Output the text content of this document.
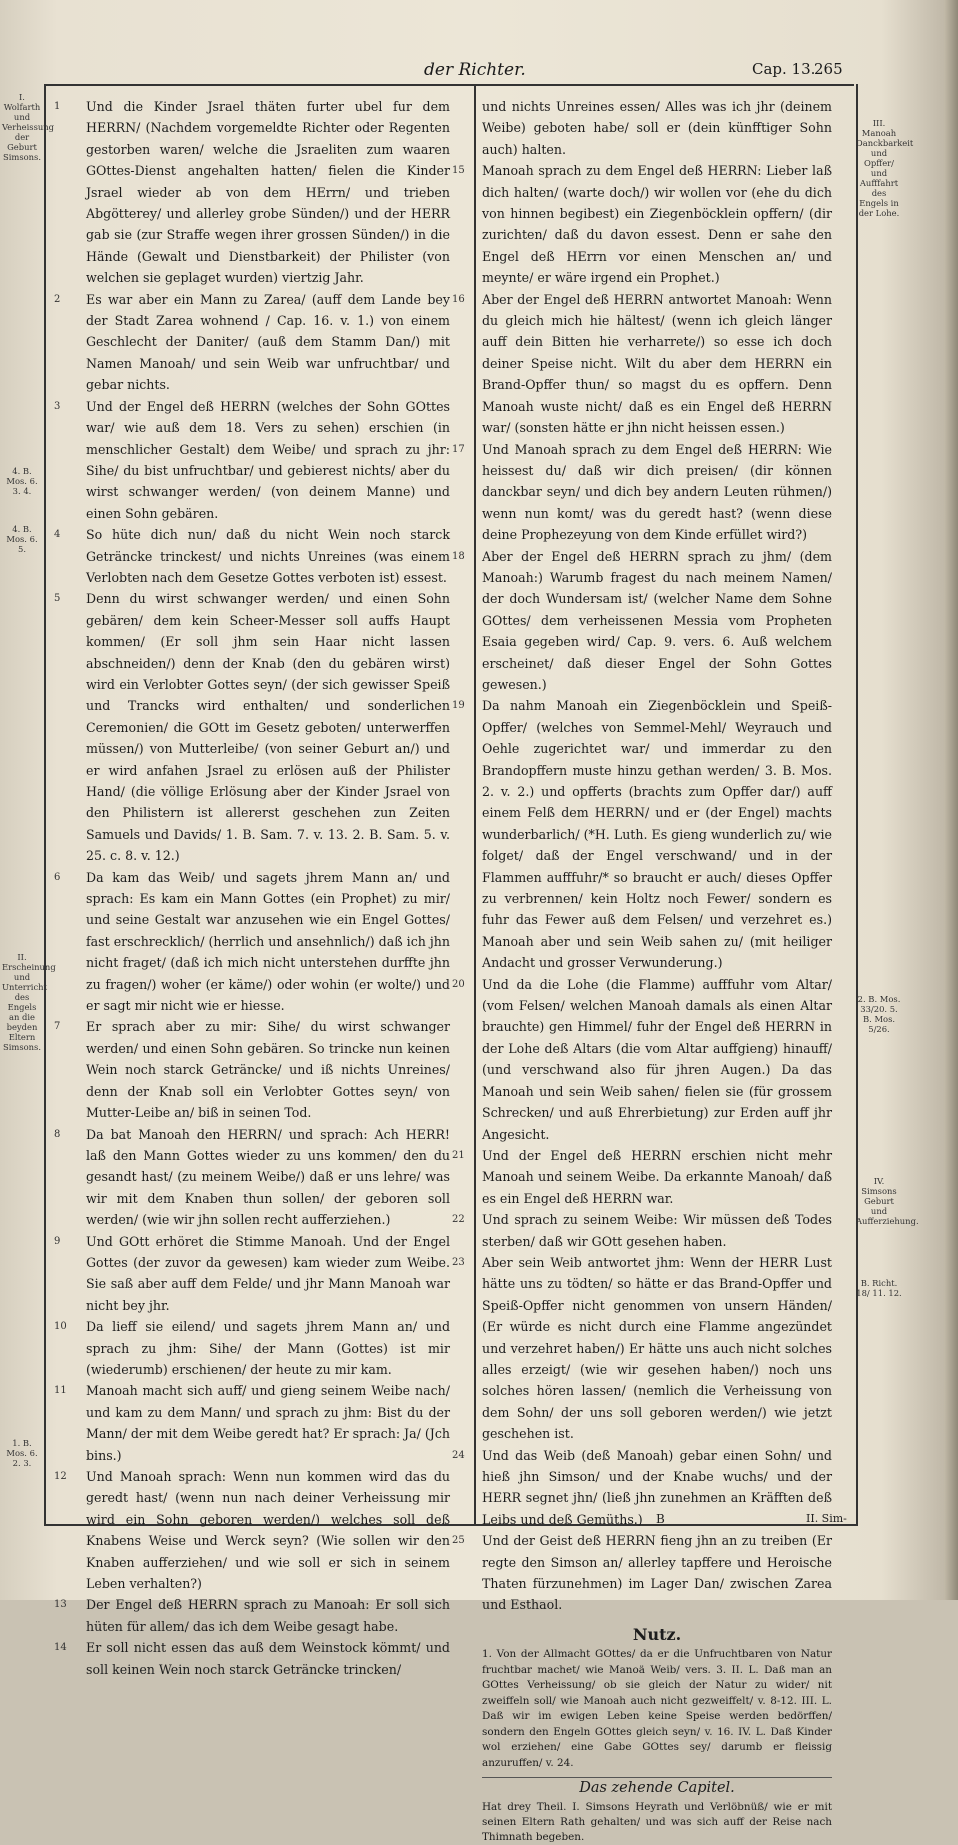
der Richter.	Cap. 13.
265
1 Und die Kinder Jsrael thäten furter ubel fur dem HERRN/ (Nachdem vorgemeldte Richter oder Regenten gestorben waren/ welche die Jsraeliten zum waaren GOttes-Dienst angehalten hatten/ fielen die Kinder Jsrael wieder ab von dem HErrn/ und trieben Abgötterey/ und allerley grobe Sünden/) und der HERR gab sie (zur Straffe wegen ihrer grossen Sünden/) in die Hände (Gewalt und Dienstbarkeit) der Philister (von welchen sie geplaget wurden) viertzig Jahr.
2 Es war aber ein Mann zu Zarea/ (auff dem Lande bey der Stadt Zarea wohnend / Cap. 16. v. 1.) von einem Geschlecht der Daniter/ (auß dem Stamm Dan/) mit Namen Manoah/ und sein Weib war unfruchtbar/ und gebar nichts.
3 Und der Engel deß HERRN (welches der Sohn GOttes war/ wie auß dem 18. Vers zu sehen) erschien (in menschlicher Gestalt) dem Weibe/ und sprach zu jhr: Sihe/ du bist unfruchtbar/ und gebierest nichts/ aber du wirst schwanger werden/ (von deinem Manne) und einen Sohn gebären.
4 So hüte dich nun/ daß du nicht Wein noch starck Geträncke trinckest/ und nichts Unreines (was einem Verlobten nach dem Gesetze Gottes verboten ist) essest.
5 Denn du wirst schwanger werden/ und einen Sohn gebären/ dem kein Scheer-Messer soll auffs Haupt kommen/ (Er soll jhm sein Haar nicht lassen abschneiden/) denn der Knab (den du gebären wirst) wird ein Verlobter Gottes seyn/ (der sich gewisser Speiß und Trancks wird enthalten/ und sonderlichen Ceremonien/ die GOtt im Gesetz geboten/ unterwerffen müssen/) von Mutterleibe/ (von seiner Geburt an/) und er wird anfahen Jsrael zu erlösen auß der Philister Hand/ (die völlige Erlösung aber der Kinder Jsrael von den Philistern ist allererst geschehen zun Zeiten Samuels und Davids/ 1. B. Sam. 7. v. 13. 2. B. Sam. 5. v. 25. c. 8. v. 12.)
6 Da kam das Weib/ und sagets jhrem Mann an/ und sprach: Es kam ein Mann Gottes (ein Prophet) zu mir/ und seine Gestalt war anzusehen wie ein Engel Gottes/ fast erschrecklich/ (herrlich und ansehnlich/) daß ich jhn nicht fraget/ (daß ich mich nicht unterstehen durffte jhn zu fragen/) woher (er käme/) oder wohin (er wolte/) und er sagt mir nicht wie er hiesse.
7 Er sprach aber zu mir: Sihe/ du wirst schwanger werden/ und einen Sohn gebären. So trincke nun keinen Wein noch starck Geträncke/ und iß nichts Unreines/ denn der Knab soll ein Verlobter Gottes seyn/ von Mutter-Leibe an/ biß in seinen Tod.
8 Da bat Manoah den HERRN/ und sprach: Ach HERR! laß den Mann Gottes wieder zu uns kommen/ den du gesandt hast/ (zu meinem Weibe/) daß er uns lehre/ was wir mit dem Knaben thun sollen/ der geboren soll werden/ (wie wir jhn sollen recht aufferziehen.)
9 Und GOtt erhöret die Stimme Manoah. Und der Engel Gottes (der zuvor da gewesen) kam wieder zum Weibe. Sie saß aber auff dem Felde/ und jhr Mann Manoah war nicht bey jhr.
10 Da lieff sie eilend/ und sagets jhrem Mann an/ und sprach zu jhm: Sihe/ der Mann (Gottes) ist mir (wiederumb) erschienen/ der heute zu mir kam.
11 Manoah macht sich auff/ und gieng seinem Weibe nach/ und kam zu dem Mann/ und sprach zu jhm: Bist du der Mann/ der mit dem Weibe geredt hat? Er sprach: Ja/ (Jch bins.)
12 Und Manoah sprach: Wenn nun kommen wird das du geredt hast/ (wenn nun nach deiner Verheissung mir wird ein Sohn geboren werden/) welches soll deß Knabens Weise und Werck seyn? (Wie sollen wir den Knaben aufferziehen/ und wie soll er sich in seinem Leben verhalten?)
13 Der Engel deß HERRN sprach zu Manoah: Er soll sich hüten für allem/ das ich dem Weibe gesagt habe.
14 Er soll nicht essen das auß dem Weinstock kömmt/ und soll keinen Wein noch starck Geträncke trincken/
und nichts Unreines essen/ Alles was ich jhr (deinem Weibe) geboten habe/ soll er (dein künfftiger Sohn auch) halten.
15 Manoah sprach zu dem Engel deß HERRN: Lieber laß dich halten/ (warte doch/) wir wollen vor (ehe du dich von hinnen begibest) ein Ziegenböcklein opffern/ (dir zurichten/ daß du davon essest. Denn er sahe den Engel deß HErrn vor einen Menschen an/ und meynte/ er wäre irgend ein Prophet.)
16 Aber der Engel deß HERRN antwortet Manoah: Wenn du gleich mich hie hältest/ (wenn ich gleich länger auff dein Bitten hie verharrete/) so esse ich doch deiner Speise nicht. Wilt du aber dem HERRN ein Brand-Opffer thun/ so magst du es opffern. Denn Manoah wuste nicht/ daß es ein Engel deß HERRN war/ (sonsten hätte er jhn nicht heissen essen.)
17 Und Manoah sprach zu dem Engel deß HERRN: Wie heissest du/ daß wir dich preisen/ (dir können danckbar seyn/ und dich bey andern Leuten rühmen/) wenn nun komt/ was du geredt hast? (wenn diese deine Prophezeyung von dem Kinde erfüllet wird?)
18 Aber der Engel deß HERRN sprach zu jhm/ (dem Manoah:) Warumb fragest du nach meinem Namen/ der doch Wundersam ist/ (welcher Name dem Sohne GOttes/ dem verheissenen Messia vom Propheten Esaia gegeben wird/ Cap. 9. vers. 6. Auß welchem erscheinet/ daß dieser Engel der Sohn Gottes gewesen.)
19 Da nahm Manoah ein Ziegenböcklein und Speiß-Opffer/ (welches von Semmel-Mehl/ Weyrauch und Oehle zugerichtet war/ und immerdar zu den Brandopffern muste hinzu gethan werden/ 3. B. Mos. 2. v. 2.) und opfferts (brachts zum Opffer dar/) auff einem Felß dem HERRN/ und er (der Engel) machts wunderbarlich/ (*H. Luth. Es gieng wunderlich zu/ wie folget/ daß der Engel verschwand/ und in der Flammen aufffuhr/* so braucht er auch/ dieses Opffer zu verbrennen/ kein Holtz noch Fewer/ sondern es fuhr das Fewer auß dem Felsen/ und verzehret es.) Manoah aber und sein Weib sahen zu/ (mit heiliger Andacht und grosser Verwunderung.)
20 Und da die Lohe (die Flamme) aufffuhr vom Altar/ (vom Felsen/ welchen Manoah damals als einen Altar brauchte) gen Himmel/ fuhr der Engel deß HERRN in der Lohe deß Altars (die vom Altar auffgieng) hinauff/ (und verschwand also für jhren Augen.) Da das Manoah und sein Weib sahen/ fielen sie (für grossem Schrecken/ und auß Ehrerbietung) zur Erden auff jhr Angesicht.
21 Und der Engel deß HERRN erschien nicht mehr Manoah und seinem Weibe. Da erkannte Manoah/ daß es ein Engel deß HERRN war.
22 Und sprach zu seinem Weibe: Wir müssen deß Todes sterben/ daß wir GOtt gesehen haben.
23 Aber sein Weib antwortet jhm: Wenn der HERR Lust hätte uns zu tödten/ so hätte er das Brand-Opffer und Speiß-Opffer nicht genommen von unsern Händen/ (Er würde es nicht durch eine Flamme angezündet und verzehret haben/) Er hätte uns auch nicht solches alles erzeigt/ (wie wir gesehen haben/) noch uns solches hören lassen/ (nemlich die Verheissung von dem Sohn/ der uns soll geboren werden/) wie jetzt geschehen ist.
24 Und das Weib (deß Manoah) gebar einen Sohn/ und hieß jhn Simson/ und der Knabe wuchs/ und der HERR segnet jhn/ (ließ jhn zunehmen an Kräfften deß Leibs und deß Gemüths.)
25 Und der Geist deß HERRN fieng jhn an zu treiben (Er regte den Simson an/ allerley tapffere und Heroische Thaten fürzunehmen) im Lager Dan/ zwischen Zarea und Esthaol.
Nutz.
1. Von der Allmacht GOttes/ da er die Unfruchtbaren von Natur fruchtbar machet/ wie Manoä Weib/ vers. 3. II. L. Daß man an GOttes Verheissung/ ob sie gleich der Natur zu wider/ nit zweiffeln soll/ wie Manoah auch nicht gezweiffelt/ v. 8-12. III. L. Daß wir im ewigen Leben keine Speise werden bedörffen/ sondern den Engeln GOttes gleich seyn/ v. 16. IV. L. Daß Kinder wol erziehen/ eine Gabe GOttes sey/ darumb er fleissig anzuruffen/ v. 24.
Das zehende Capitel.
Hat drey Theil. I. Simsons Heyrath und Verlöbnüß/ wie er mit seinen Eltern Rath gehalten/ und was sich auff der Reise nach Thimnath begeben.
I. Wolfarth und Verheissung der Geburt Simsons.
4. B. Mos. 6. 3. 4.
4. B. Mos. 6. 5.
II. Erscheinung und Unterricht des Engels an die beyden Eltern Simsons.
1. B. Mos. 6. 2. 3.
III. Manoah Danckbarkeit und Opffer/ und Aufffahrt des Engels in der Lohe.
2. B. Mos. 33/20. 5. B. Mos. 5/26.
IV. Simsons Geburt und Aufferziehung.
B. Richt. 18/ 11. 12.
B	II. Sim-
